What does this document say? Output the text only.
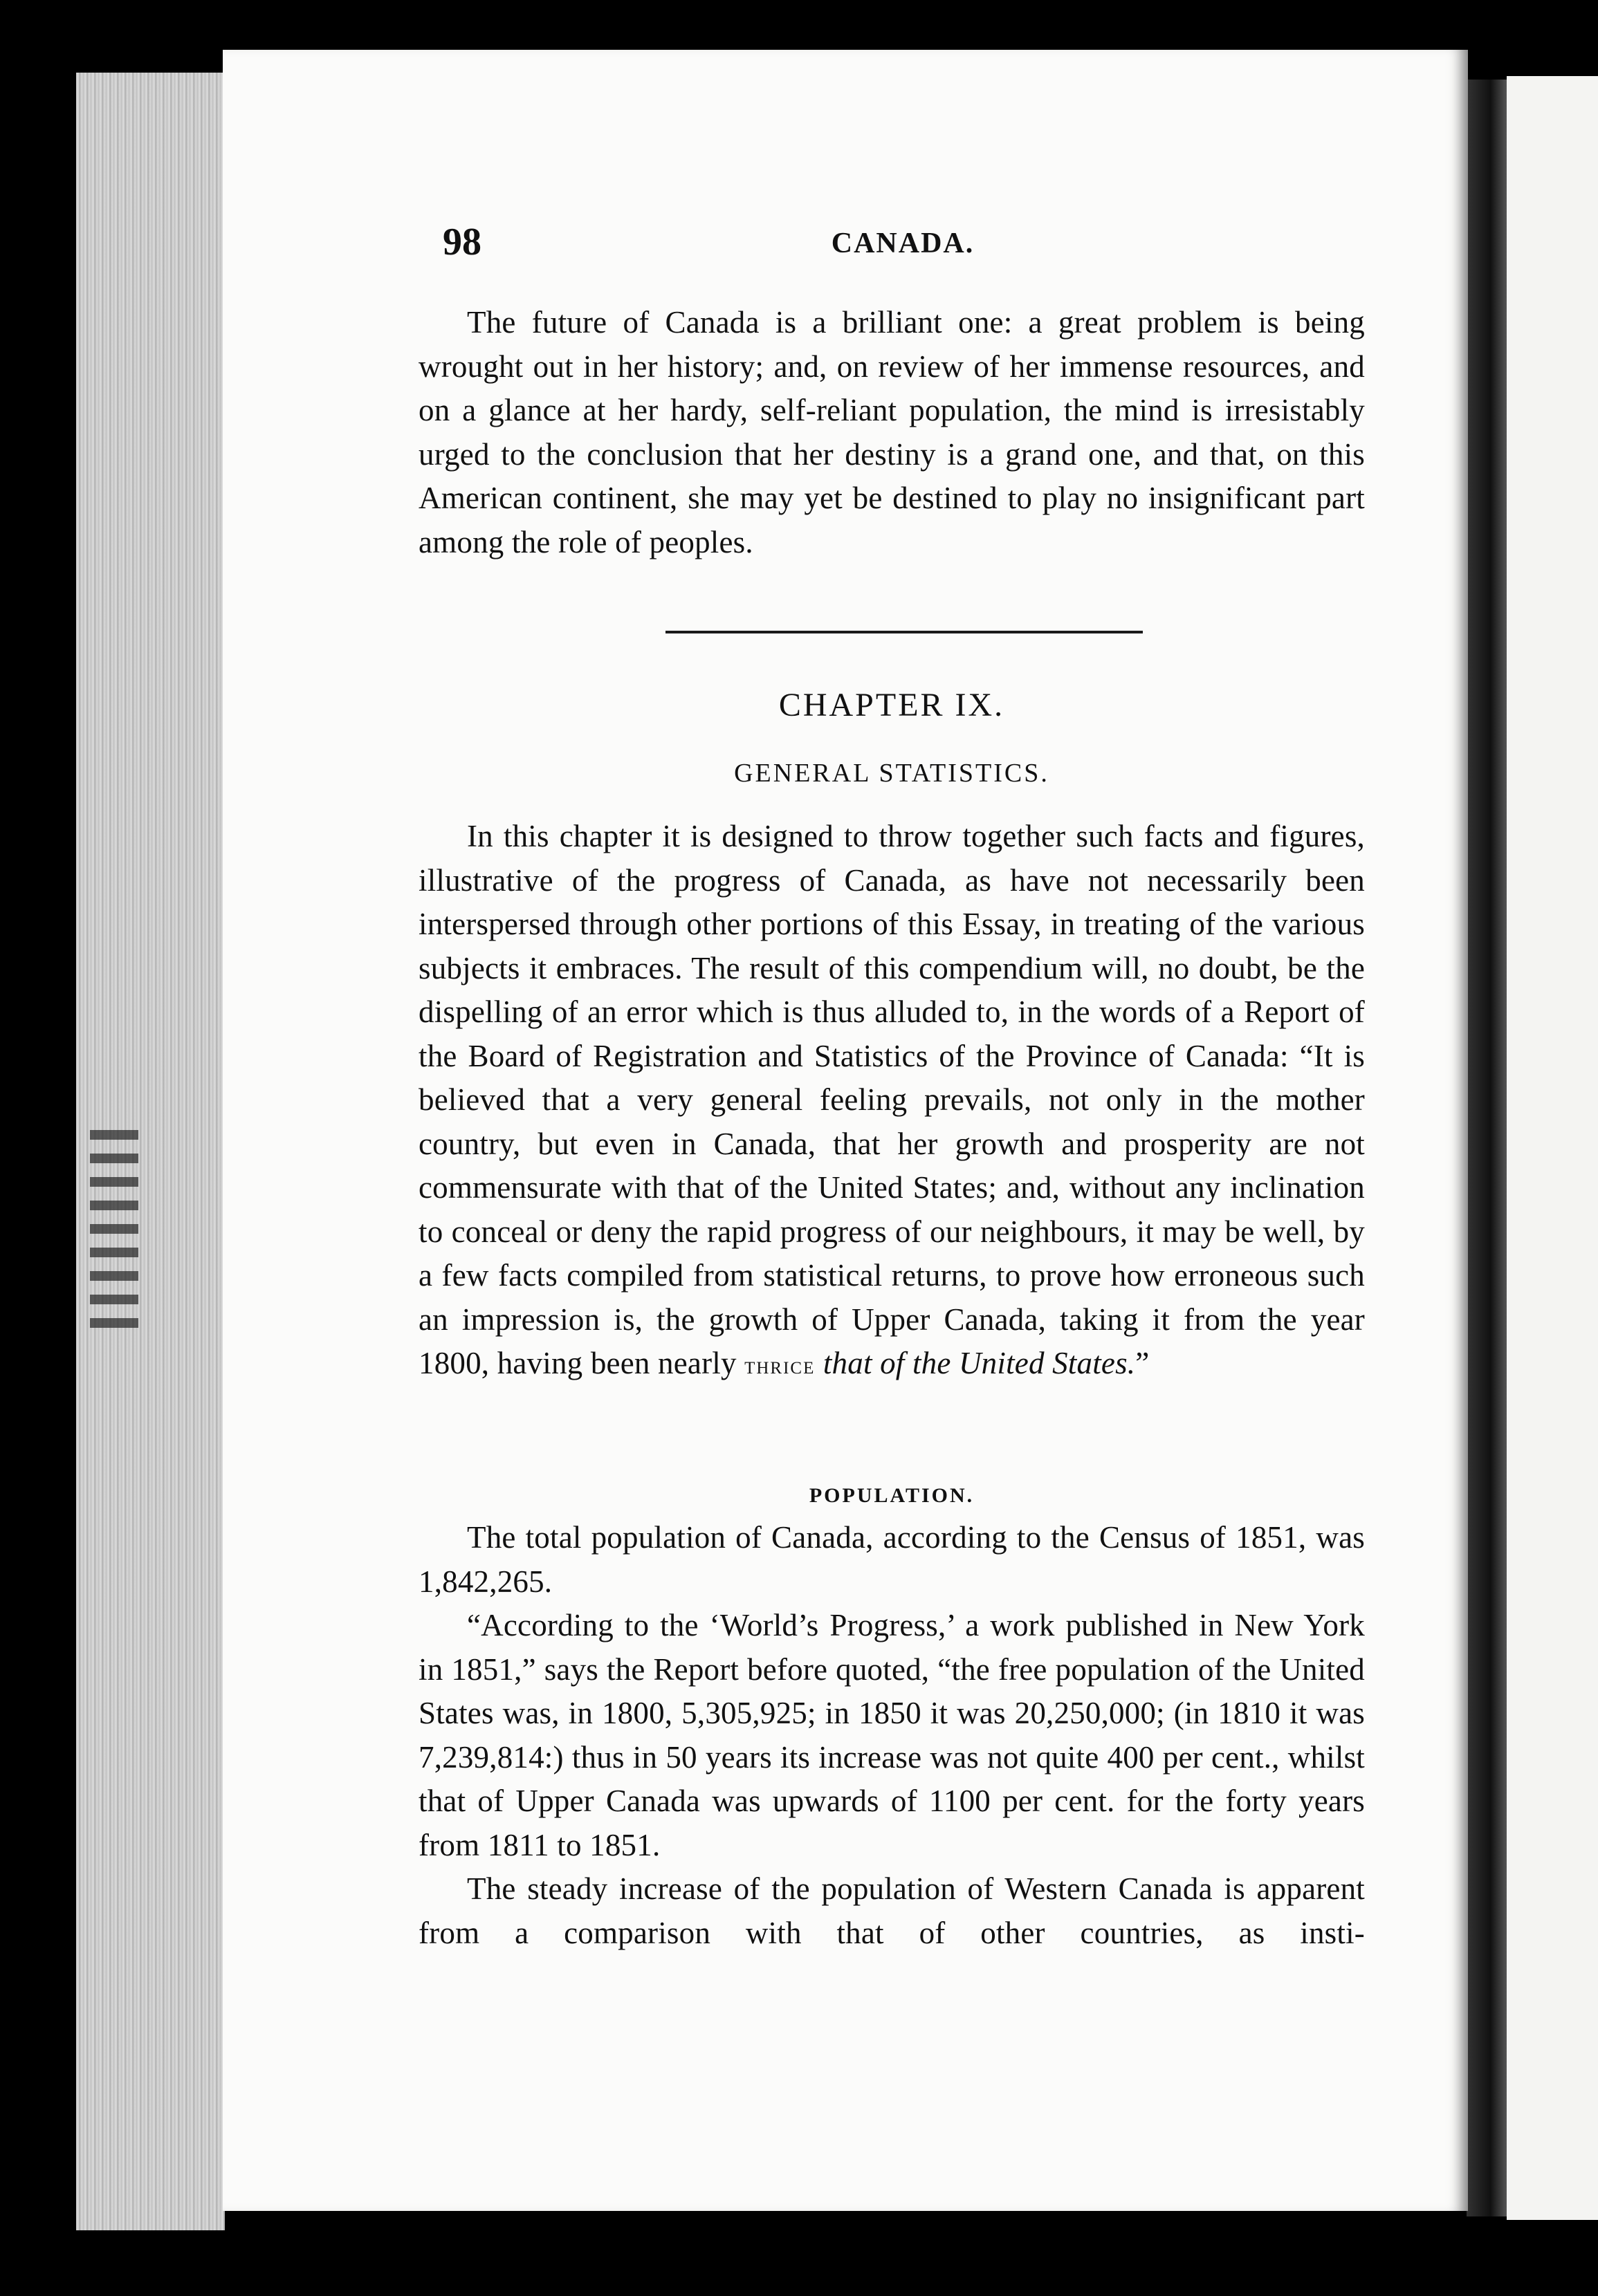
98	CANADA.

The future of Canada is a brilliant one: a great problem is being wrought out in her history; and, on review of her immense resources, and on a glance at her hardy, self-reliant population, the mind is irresistably urged to the conclusion that her destiny is a grand one, and that, on this American continent, she may yet be destined to play no insignificant part among the role of peoples.

CHAPTER IX.
GENERAL STATISTICS.

In this chapter it is designed to throw together such facts and figures, illustrative of the progress of Canada, as have not necessarily been interspersed through other portions of this Essay, in treating of the various subjects it embraces. The result of this compendium will, no doubt, be the dispelling of an error which is thus alluded to, in the words of a Report of the Board of Registration and Statistics of the Province of Canada: “It is believed that a very general feeling prevails, not only in the mother country, but even in Canada, that her growth and prosperity are not commensurate with that of the United States; and, without any inclination to conceal or deny the rapid progress of our neighbours, it may be well, by a few facts compiled from statistical returns, to prove how erroneous such an impression is, the growth of Upper Canada, taking it from the year 1800, having been nearly thrice that of the United States.”

POPULATION.

The total population of Canada, according to the Census of 1851, was 1,842,265.

“According to the ‘World’s Progress,’ a work published in New York in 1851,” says the Report before quoted, “the free population of the United States was, in 1800, 5,305,925; in 1850 it was 20,250,000; (in 1810 it was 7,239,814:) thus in 50 years its increase was not quite 400 per cent., whilst that of Upper Canada was upwards of 1100 per cent. for the forty years from 1811 to 1851.

The steady increase of the population of Western Canada is apparent from a comparison with that of other countries, as insti-
